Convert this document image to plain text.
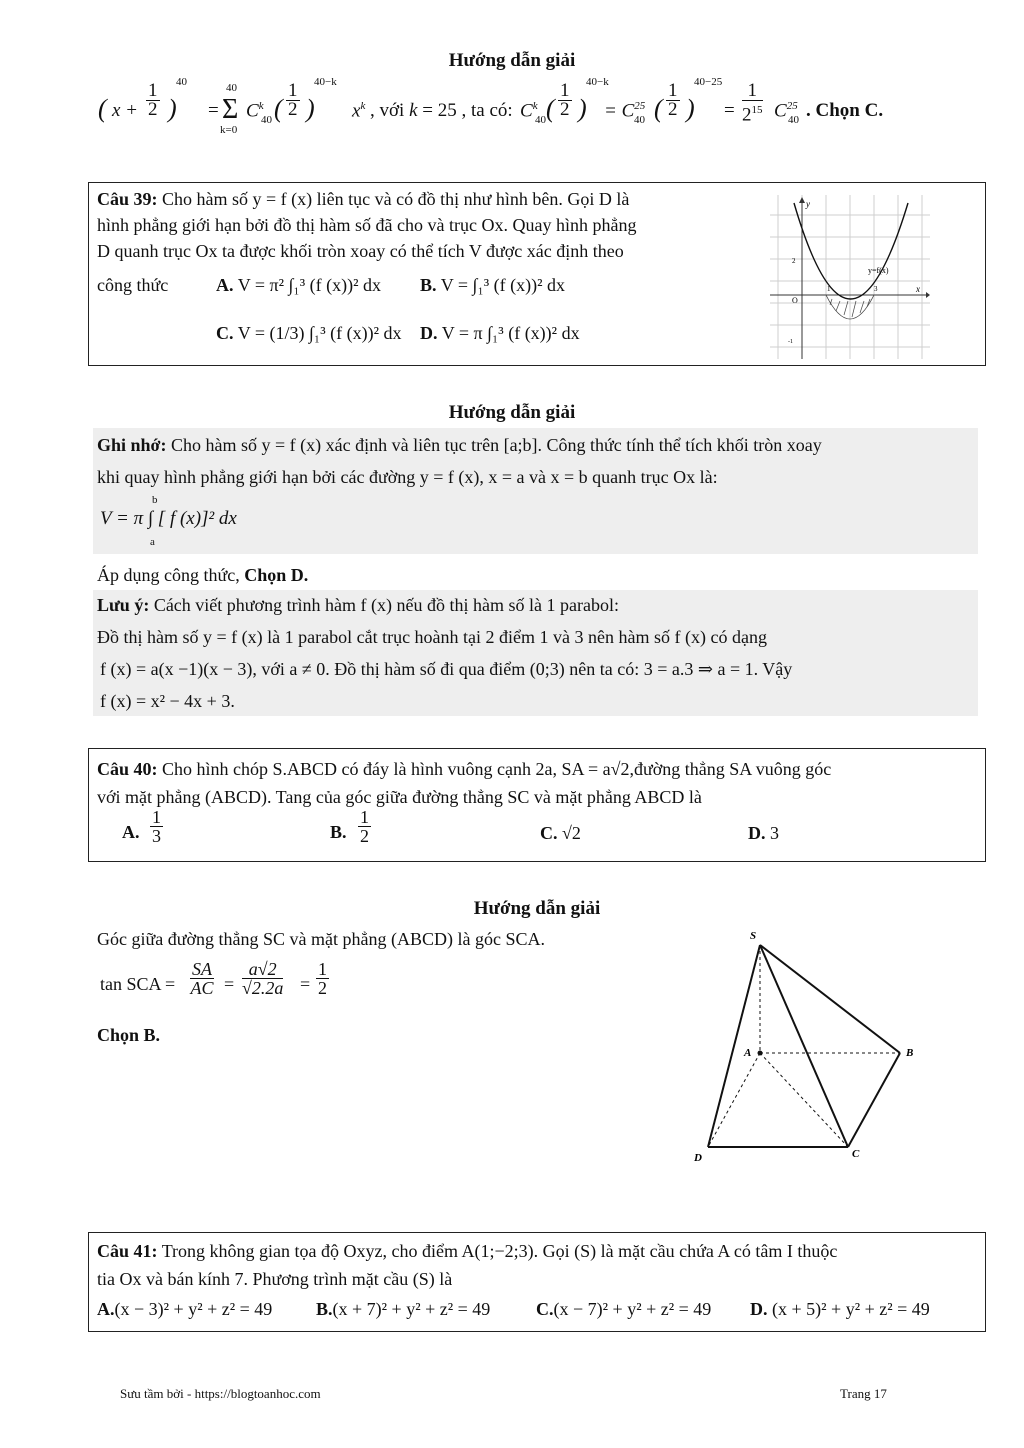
Hướng dẫn giải
( $x + \frac{1}{2}$ )
40
=
40
Σ
k=0
$C^k$
40 ( $\frac{1}{2}$ )
40−k
$x^k$ , với k = 25 , ta có: $C^k$
40 ( $\frac{1}{2}$ )
40−k
= $C^{25}$
40 ( $\frac{1}{2}$ )
40−25
= $\frac{1}{2^{15}} C^{25}$
40 . Chọn C.
Câu 39: Cho hàm số y = f (x) liên tục và có đồ thị như hình bên. Gọi D là
hình phẳng giới hạn bởi đồ thị hàm số đã cho và trục Ox. Quay hình phẳng
D quanh trục Ox ta được khối tròn xoay có thể tích V được xác định theo
công thức	A. V = π² ∫₁³ (f (x))² dx B. V = ∫₁³ (f (x))² dx
C. V = (1/3) ∫₁³ (f (x))² dx D. V = π ∫₁³ (f (x))² dx
y
x
y=f(x)
O
2
1	3
-1
Hướng dẫn giải
Ghi nhớ: Cho hàm số y = f (x) xác định và liên tục trên [a;b]. Công thức tính thể tích khối tròn xoay
khi quay hình phẳng giới hạn bởi các đường y = f (x), x = a và x = b quanh trục Ox là:
b
V = π ∫ [ f (x)]² dx
a
Áp dụng công thức, Chọn D.
Lưu ý: Cách viết phương trình hàm f (x) nếu đồ thị hàm số là 1 parabol:
Đồ thị hàm số y = f (x) là 1 parabol cắt trục hoành tại 2 điểm 1 và 3 nên hàm số f (x) có dạng
f (x) = a(x −1)(x − 3), với a ≠ 0. Đồ thị hàm số đi qua điểm (0;3) nên ta có: 3 = a.3 ⇒ a = 1. Vậy
f (x) = x² − 4x + 3.
Câu 40: Cho hình chóp S.ABCD có đáy là hình vuông cạnh 2a, SA = a√2,đường thẳng SA vuông góc
với mặt phẳng (ABCD). Tang của góc giữa đường thẳng SC và mặt phẳng ABCD là
A. $\frac{1}{3}$	B. $\frac{1}{2}$	C. √2	D. 3
Hướng dẫn giải
Góc giữa đường thẳng SC và mặt phẳng (ABCD) là góc SCA.
tan SCA = $\frac{SA}{AC} = \frac{a√2}{√2.2a} = \frac{1}{2}$
Chọn B.
S
A	B
C
D
Câu 41: Trong không gian tọa độ Oxyz, cho điểm A(1;−2;3). Gọi (S) là mặt cầu chứa A có tâm I thuộc
tia Ox và bán kính 7. Phương trình mặt cầu (S) là
A.(x − 3)² + y² + z² = 49 B.(x + 7)² + y² + z² = 49	C.(x − 7)² + y² + z² = 49 D. (x + 5)² + y² + z² = 49
Sưu tầm bởi - https://blogtoanhoc.com	Trang 17
